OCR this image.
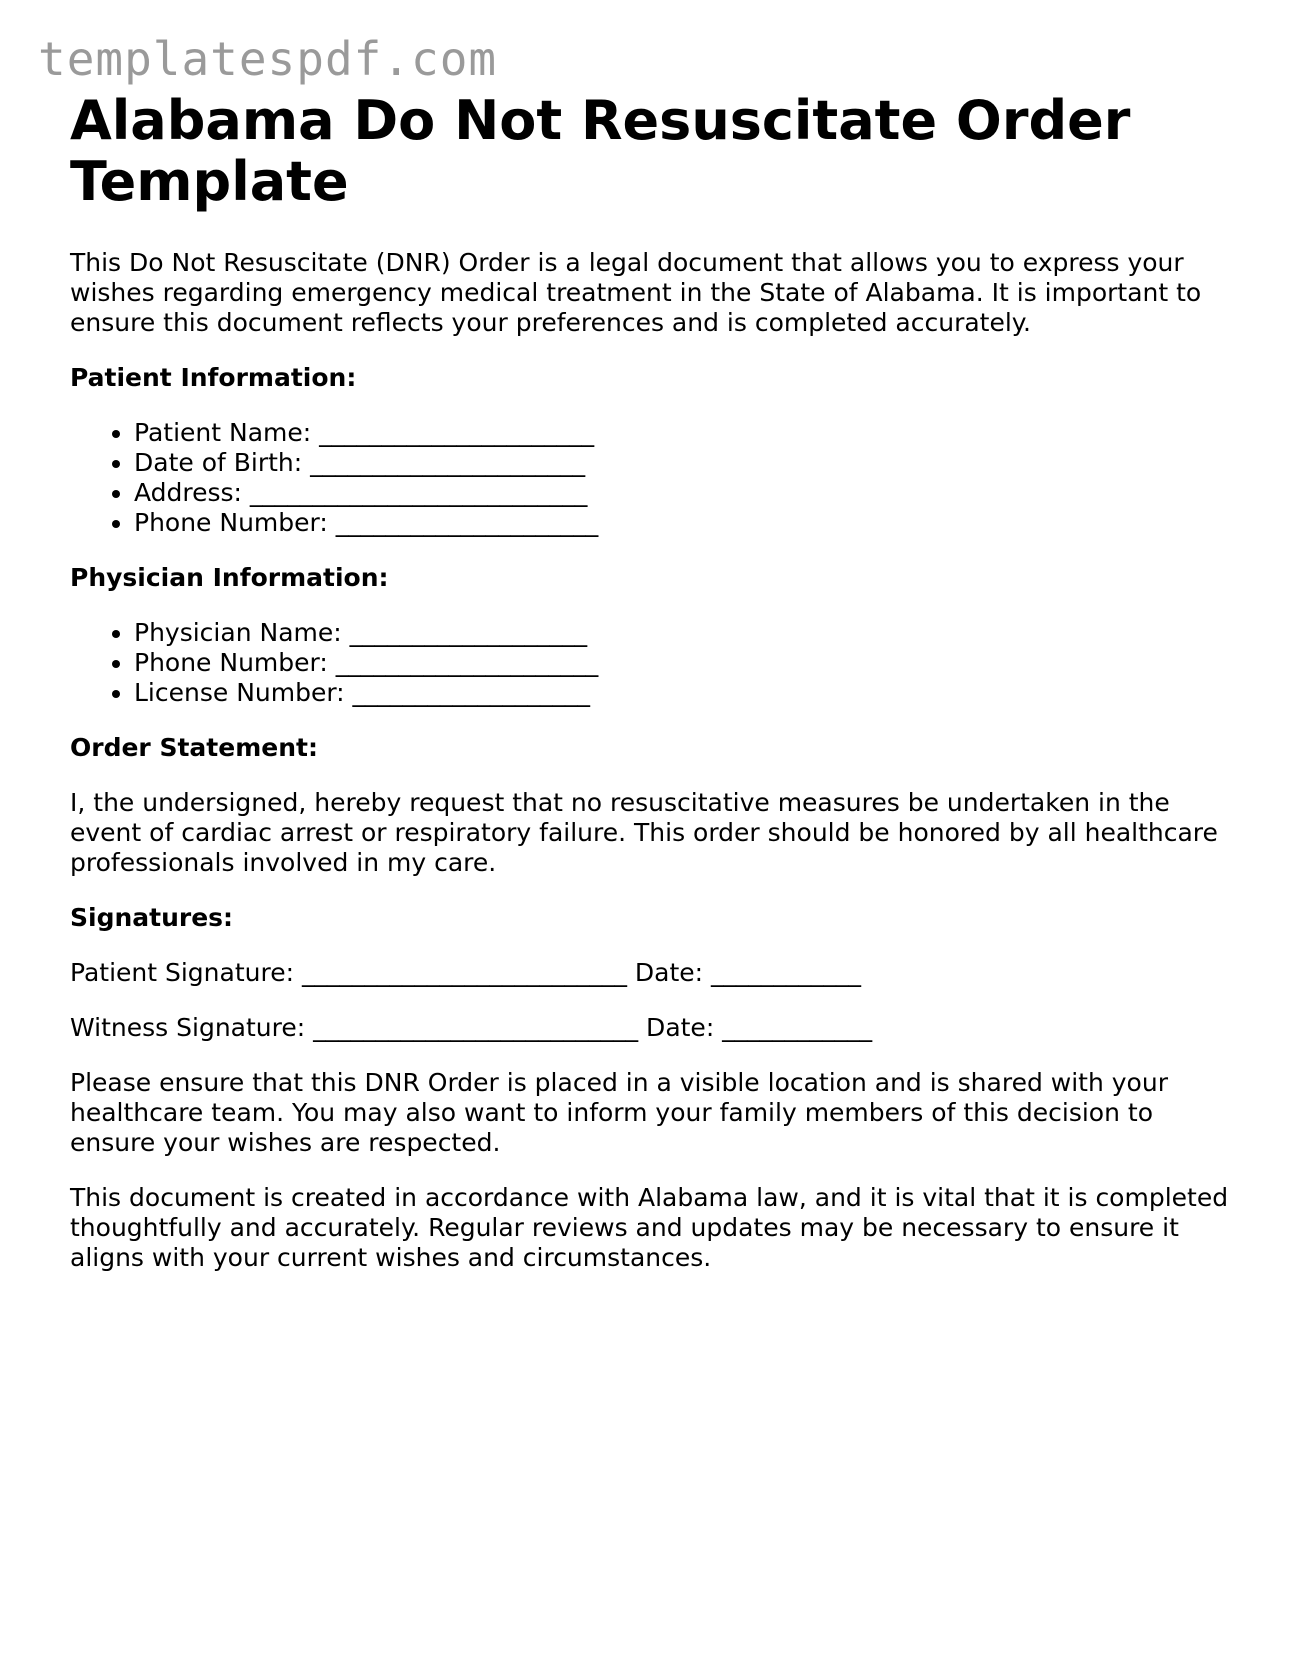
templatespdf.com
Alabama Do Not Resuscitate Order Template

This Do Not Resuscitate (DNR) Order is a legal document that allows you to express your wishes regarding emergency medical treatment in the State of Alabama. It is important to ensure this document reflects your preferences and is completed accurately.

Patient Information:
• Patient Name: ______________________
• Date of Birth: ______________________
• Address: ___________________________
• Phone Number: _____________________
Physician Information:
• Physician Name: ___________________
• Phone Number: _____________________
• License Number: ___________________
Order Statement:

I, the undersigned, hereby request that no resuscitative measures be undertaken in the event of cardiac arrest or respiratory failure. This order should be honored by all healthcare professionals involved in my care.

Signatures:

Patient Signature: __________________________ Date: ____________

Witness Signature: __________________________ Date: ____________

Please ensure that this DNR Order is placed in a visible location and is shared with your healthcare team. You may also want to inform your family members of this decision to ensure your wishes are respected.

This document is created in accordance with Alabama law, and it is vital that it is completed thoughtfully and accurately. Regular reviews and updates may be necessary to ensure it aligns with your current wishes and circumstances.
